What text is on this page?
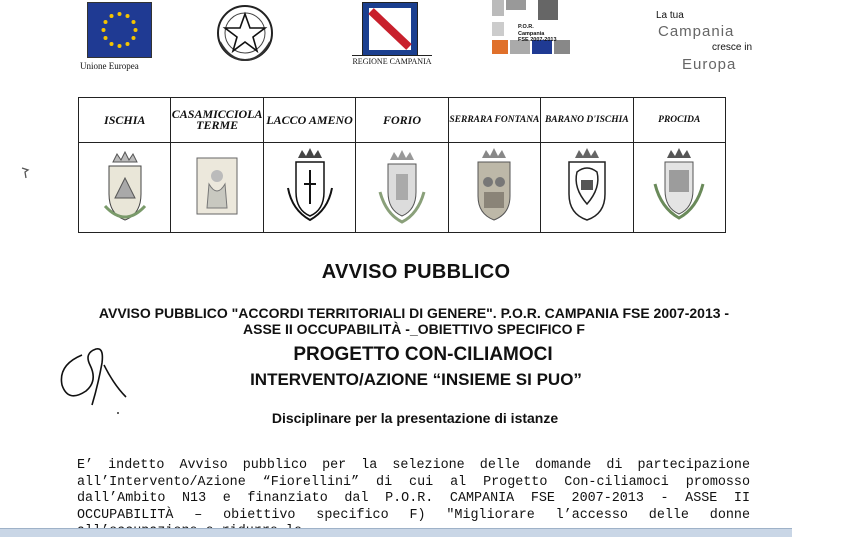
Unione Europea	REGIONE CAMPANIA
P.O.R.
Campania
FSE 2007-2013
La tua
Campania
cresce in
Europa
ISCHIA	CASAMICCIOLA TERME	LACCO AMENO	FORIO	SERRARA FONTANA	BARANO D'ISCHIA	PROCIDA

AVVISO PUBBLICO
AVVISO PUBBLICO "ACCORDI TERRITORIALI DI GENERE". P.O.R. CAMPANIA FSE 2007-2013 - ASSE II OCCUPABILITÀ -_OBIETTIVO SPECIFICO F
PROGETTO CON-CILIAMOCI
INTERVENTO/AZIONE “INSIEME SI PUO”
Disciplinare per la presentazione di istanze
E’ indetto Avviso pubblico per la selezione delle domande di partecipazione all’Intervento/Azione “Fiorellini” di cui al Progetto Con-ciliamoci promosso dall’Ambito N13 e finanziato dal P.O.R. CAMPANIA FSE 2007-2013 - ASSE II OCCUPABILITÀ – obiettivo specifico F) "Migliorare l’accesso delle donne
